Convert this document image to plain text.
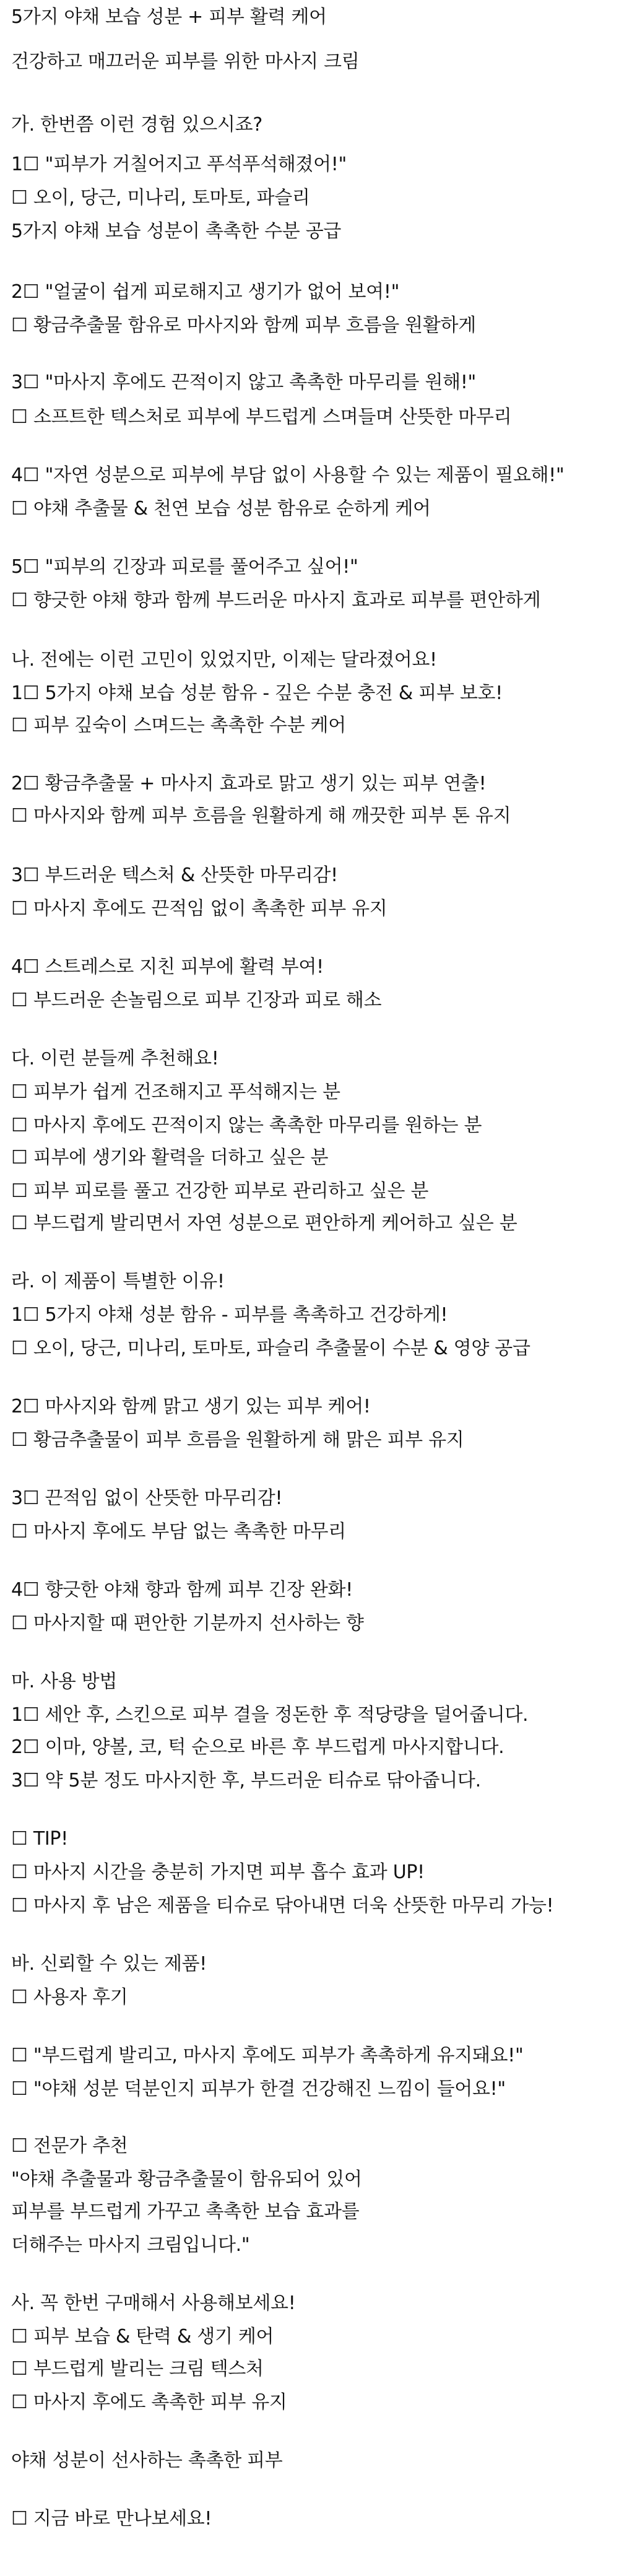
5가지 야채 보습 성분 + 피부 활력 케어

건강하고 매끄러운 피부를 위한 마사지 크림

가. 한번쯤 이런 경험 있으시죠?

1☐ "피부가 거칠어지고 푸석푸석해졌어!"

☐ 오이, 당근, 미나리, 토마토, 파슬리

5가지 야채 보습 성분이 촉촉한 수분 공급

2☐ "얼굴이 쉽게 피로해지고 생기가 없어 보여!"

☐ 황금추출물 함유로 마사지와 함께 피부 흐름을 원활하게

3☐ "마사지 후에도 끈적이지 않고 촉촉한 마무리를 원해!"

☐ 소프트한 텍스처로 피부에 부드럽게 스며들며 산뜻한 마무리

4☐ "자연 성분으로 피부에 부담 없이 사용할 수 있는 제품이 필요해!"

☐ 야채 추출물 & 천연 보습 성분 함유로 순하게 케어

5☐ "피부의 긴장과 피로를 풀어주고 싶어!"

☐ 향긋한 야채 향과 함께 부드러운 마사지 효과로 피부를 편안하게

나. 전에는 이런 고민이 있었지만, 이제는 달라졌어요!

1☐ 5가지 야채 보습 성분 함유 - 깊은 수분 충전 & 피부 보호!

☐ 피부 깊숙이 스며드는 촉촉한 수분 케어

2☐ 황금추출물 + 마사지 효과로 맑고 생기 있는 피부 연출!

☐ 마사지와 함께 피부 흐름을 원활하게 해 깨끗한 피부 톤 유지

3☐ 부드러운 텍스처 & 산뜻한 마무리감!

☐ 마사지 후에도 끈적임 없이 촉촉한 피부 유지

4☐ 스트레스로 지친 피부에 활력 부여!

☐ 부드러운 손놀림으로 피부 긴장과 피로 해소

다. 이런 분들께 추천해요!

☐ 피부가 쉽게 건조해지고 푸석해지는 분

☐ 마사지 후에도 끈적이지 않는 촉촉한 마무리를 원하는 분

☐ 피부에 생기와 활력을 더하고 싶은 분

☐ 피부 피로를 풀고 건강한 피부로 관리하고 싶은 분

☐ 부드럽게 발리면서 자연 성분으로 편안하게 케어하고 싶은 분

라. 이 제품이 특별한 이유!

1☐ 5가지 야채 성분 함유 - 피부를 촉촉하고 건강하게!

☐ 오이, 당근, 미나리, 토마토, 파슬리 추출물이 수분 & 영양 공급

2☐ 마사지와 함께 맑고 생기 있는 피부 케어!

☐ 황금추출물이 피부 흐름을 원활하게 해 맑은 피부 유지

3☐ 끈적임 없이 산뜻한 마무리감!

☐ 마사지 후에도 부담 없는 촉촉한 마무리

4☐ 향긋한 야채 향과 함께 피부 긴장 완화!

☐ 마사지할 때 편안한 기분까지 선사하는 향

마. 사용 방법

1☐ 세안 후, 스킨으로 피부 결을 정돈한 후 적당량을 덜어줍니다.

2☐ 이마, 양볼, 코, 턱 순으로 바른 후 부드럽게 마사지합니다.

3☐ 약 5분 정도 마사지한 후, 부드러운 티슈로 닦아줍니다.

☐ TIP!

☐ 마사지 시간을 충분히 가지면 피부 흡수 효과 UP!

☐ 마사지 후 남은 제품을 티슈로 닦아내면 더욱 산뜻한 마무리 가능!

바. 신뢰할 수 있는 제품!

☐ 사용자 후기

☐ "부드럽게 발리고, 마사지 후에도 피부가 촉촉하게 유지돼요!"

☐ "야채 성분 덕분인지 피부가 한결 건강해진 느낌이 들어요!"

☐ 전문가 추천

"야채 추출물과 황금추출물이 함유되어 있어

피부를 부드럽게 가꾸고 촉촉한 보습 효과를

더해주는 마사지 크림입니다."

사. 꼭 한번 구매해서 사용해보세요!

☐ 피부 보습 & 탄력 & 생기 케어

☐ 부드럽게 발리는 크림 텍스처

☐ 마사지 후에도 촉촉한 피부 유지

야채 성분이 선사하는 촉촉한 피부

☐ 지금 바로 만나보세요!
